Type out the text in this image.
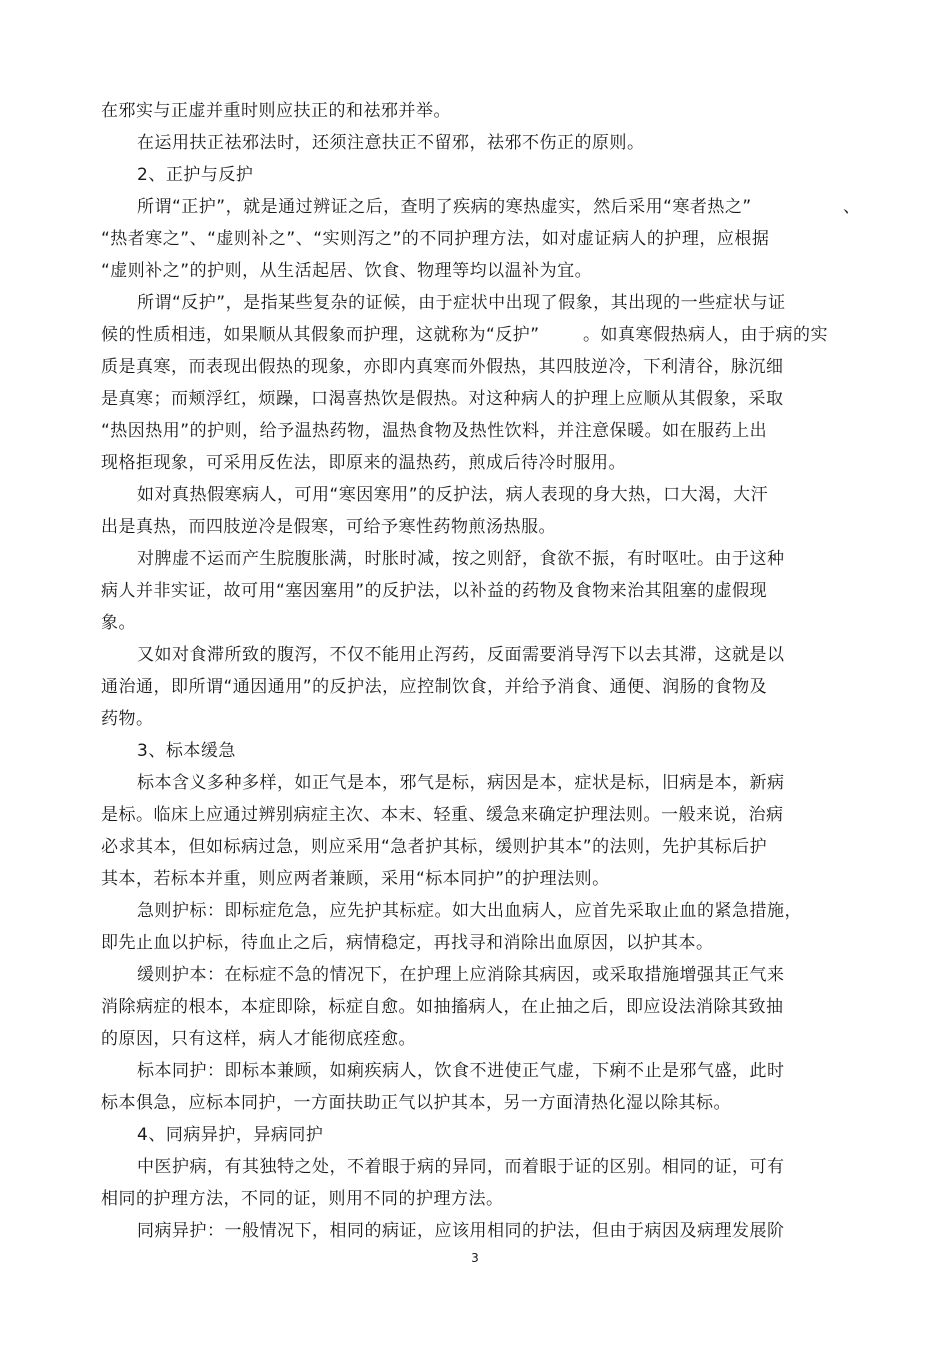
在邪实与正虚并重时则应扶正的和祛邪并举。
在运用扶正祛邪法时，还须注意扶正不留邪，祛邪不伤正的原则。
2、正护与反护
所谓“正护”，就是通过辨证之后，查明了疾病的寒热虚实，然后采用“寒者热之”	、
“热者寒之”、“虚则补之”、“实则泻之”的不同护理方法，如对虚证病人的护理，应根据
“虚则补之”的护则，从生活起居、饮食、物理等均以温补为宜。
所谓“反护”，是指某些复杂的证候，由于症状中出现了假象，其出现的一些症状与证
候的性质相违，如果顺从其假象而护理，这就称为“反护”	。如真寒假热病人，由于病的实
质是真寒，而表现出假热的现象，亦即内真寒而外假热，其四肢逆冷，下利清谷，脉沉细
是真寒；而颊浮红，烦躁，口渴喜热饮是假热。对这种病人的护理上应顺从其假象，采取
“热因热用”的护则，给予温热药物，温热食物及热性饮料，并注意保暖。如在服药上出
现格拒现象，可采用反佐法，即原来的温热药，煎成后待冷时服用。
如对真热假寒病人，可用“寒因寒用”的反护法，病人表现的身大热，口大渴，大汗
出是真热，而四肢逆冷是假寒，可给予寒性药物煎汤热服。
对脾虚不运而产生脘腹胀满，时胀时减，按之则舒，食欲不振，有时呕吐。由于这种
病人并非实证，故可用“塞因塞用”的反护法，以补益的药物及食物来治其阻塞的虚假现
象。
又如对食滞所致的腹泻，不仅不能用止泻药，反面需要消导泻下以去其滞，这就是以
通治通，即所谓“通因通用”的反护法，应控制饮食，并给予消食、通便、润肠的食物及
药物。
3、标本缓急
标本含义多种多样，如正气是本，邪气是标，病因是本，症状是标，旧病是本，新病
是标。临床上应通过辨别病症主次、本末、轻重、缓急来确定护理法则。一般来说，治病
必求其本，但如标病过急，则应采用“急者护其标，缓则护其本”的法则，先护其标后护
其本，若标本并重，则应两者兼顾，采用“标本同护”的护理法则。
急则护标：即标症危急，应先护其标症。如大出血病人，应首先采取止血的紧急措施，
即先止血以护标，待血止之后，病情稳定，再找寻和消除出血原因，以护其本。
缓则护本：在标症不急的情况下，在护理上应消除其病因，或采取措施增强其正气来
消除病症的根本，本症即除，标症自愈。如抽搐病人，在止抽之后，即应设法消除其致抽
的原因，只有这样，病人才能彻底痊愈。
标本同护：即标本兼顾，如痢疾病人，饮食不进使正气虚，下痢不止是邪气盛，此时
标本俱急，应标本同护，一方面扶助正气以护其本，另一方面清热化湿以除其标。
4、同病异护，异病同护
中医护病，有其独特之处，不着眼于病的异同，而着眼于证的区别。相同的证，可有
相同的护理方法，不同的证，则用不同的护理方法。
同病异护：一般情况下，相同的病证，应该用相同的护法，但由于病因及病理发展阶
3
